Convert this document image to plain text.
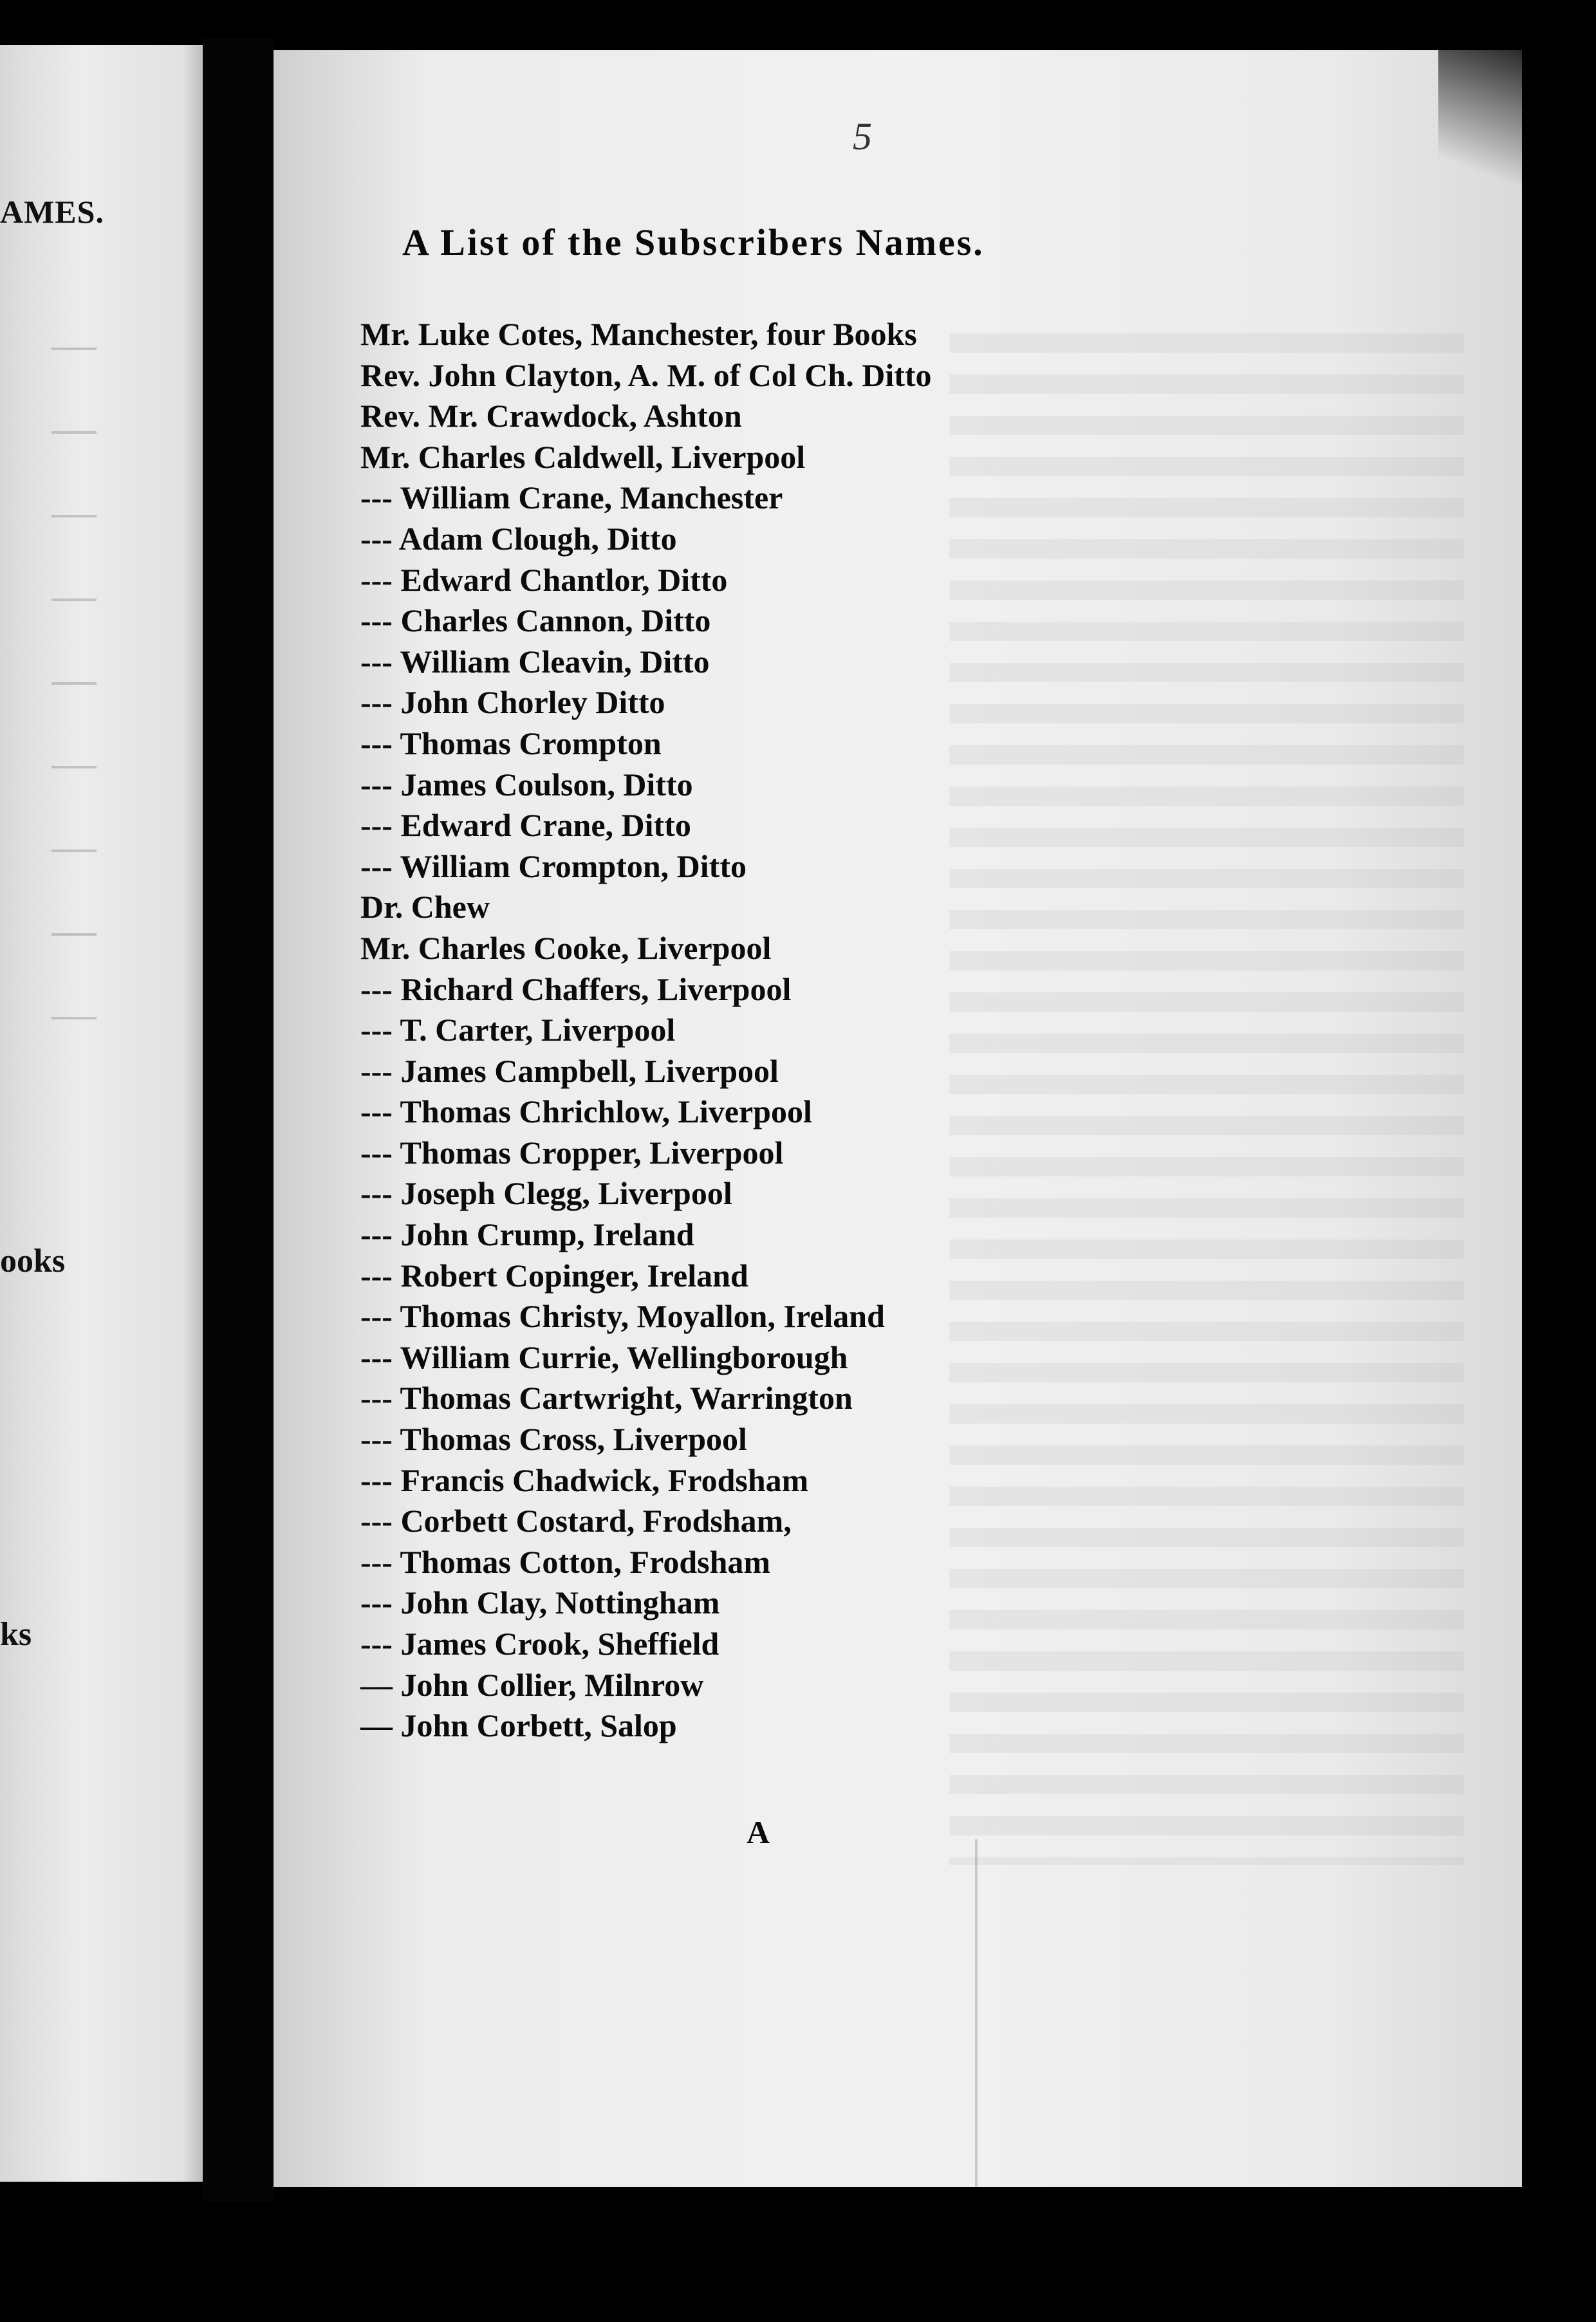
AMES.
ooks
ks
5
A List of the Subscribers Names.
Mr. Luke Cotes, Manchester, four Books
Rev. John Clayton, A. M. of Col Ch. Ditto
Rev. Mr. Crawdock, Ashton
Mr. Charles Caldwell, Liverpool
--- William Crane, Manchester
--- Adam Clough, Ditto
--- Edward Chantlor, Ditto
--- Charles Cannon, Ditto
--- William Cleavin, Ditto
--- John Chorley Ditto
--- Thomas Crompton
--- James Coulson, Ditto
--- Edward Crane, Ditto
--- William Crompton, Ditto
Dr. Chew
Mr. Charles Cooke, Liverpool
--- Richard Chaffers, Liverpool
--- T. Carter, Liverpool
--- James Campbell, Liverpool
--- Thomas Chrichlow, Liverpool
--- Thomas Cropper, Liverpool
--- Joseph Clegg, Liverpool
--- John Crump, Ireland
--- Robert Copinger, Ireland
--- Thomas Christy, Moyallon, Ireland
--- William Currie, Wellingborough
--- Thomas Cartwright, Warrington
--- Thomas Cross, Liverpool
--- Francis Chadwick, Frodsham
--- Corbett Costard, Frodsham,
--- Thomas Cotton, Frodsham
--- John Clay, Nottingham
--- James Crook, Sheffield
— John Collier, Milnrow
— John Corbett, Salop
A
